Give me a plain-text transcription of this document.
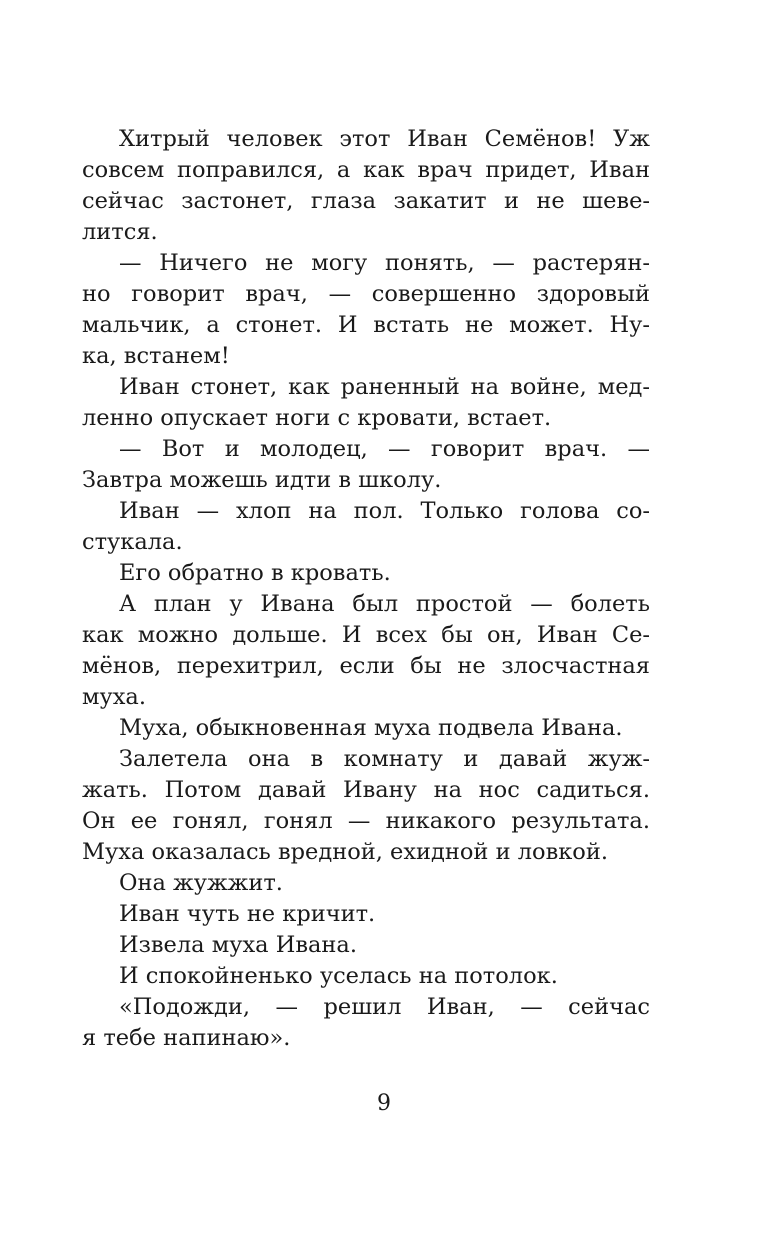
Хитрый человек этот Иван Семёнов! Уж
совсем поправился, а как врач придет, Иван
сейчас застонет, глаза закатит и не шеве-
лится.
— Ничего не могу понять, — растерян-
но говорит врач, — совершенно здоровый
мальчик, а стонет. И встать не может. Ну-
ка, встанем!
Иван стонет, как раненный на войне, мед-
ленно опускает ноги с кровати, встает.
— Вот и молодец, — говорит врач. —
Завтра можешь идти в школу.
Иван — хлоп на пол. Только голова со-
стукала.
Его обратно в кровать.
А план у Ивана был простой — болеть
как можно дольше. И всех бы он, Иван Се-
мёнов, перехитрил, если бы не злосчастная
муха.
Муха, обыкновенная муха подвела Ивана.
Залетела она в комнату и давай жуж-
жать. Потом давай Ивану на нос садиться.
Он ее гонял, гонял — никакого результата.
Муха оказалась вредной, ехидной и ловкой.
Она жужжит.
Иван чуть не кричит.
Извела муха Ивана.
И спокойненько уселась на потолок.
«Подожди, — решил Иван, — сейчас
я тебе напинаю».
9
